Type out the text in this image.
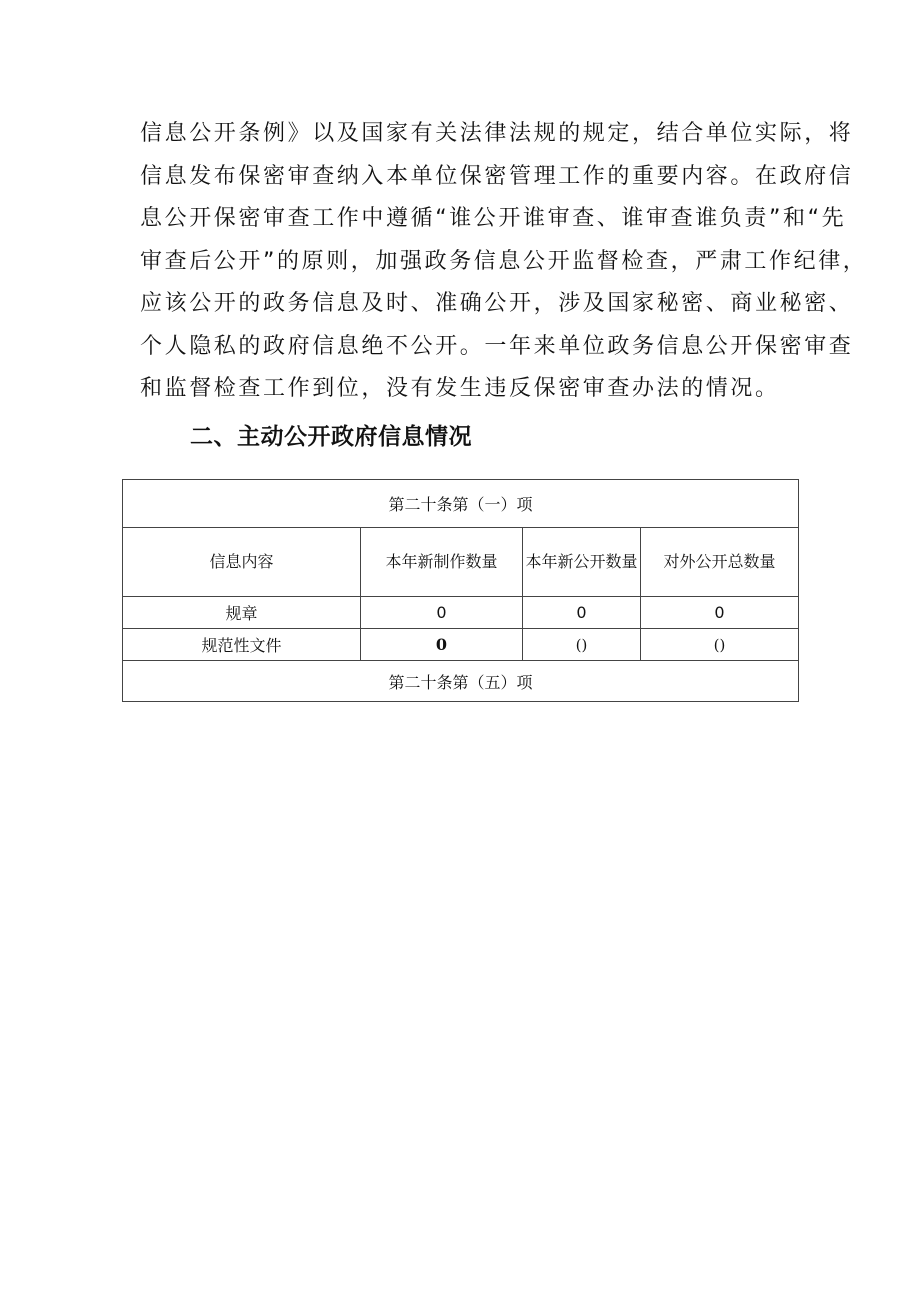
信息公开条例》以及国家有关法律法规的规定，结合单位实际，将
信息发布保密审查纳入本单位保密管理工作的重要内容。在政府信
息公开保密审查工作中遵循“谁公开谁审查、谁审查谁负责”和“先
审查后公开”的原则，加强政务信息公开监督检查，严肃工作纪律，
应该公开的政务信息及时、准确公开，涉及国家秘密、商业秘密、
个人隐私的政府信息绝不公开。一年来单位政务信息公开保密审查
和监督检查工作到位，没有发生违反保密审查办法的情况。
二、主动公开政府信息情况
第二十条第（一）项			
信息内容	本年新制作数量	本年新公开数量	对外公开总数量
规章	0	0	0
规范性文件	0	()	()
第二十条第（五）项			
